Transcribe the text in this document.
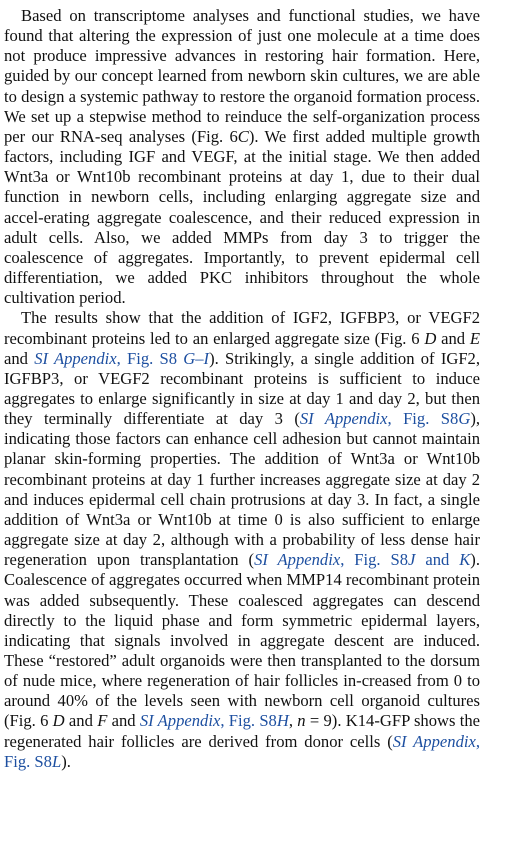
Based on transcriptome analyses and functional studies, we have found that altering the expression of just one molecule at a time does not produce impressive advances in restoring hair formation. Here, guided by our concept learned from newborn skin cultures, we are able to design a systemic pathway to restore the organoid formation process. We set up a stepwise method to reinduce the self-organization process per our RNA-seq analyses (Fig. 6C). We first added multiple growth factors, including IGF and VEGF, at the initial stage. We then added Wnt3a or Wnt10b recombinant proteins at day 1, due to their dual function in newborn cells, including enlarging aggregate size and accel-erating aggregate coalescence, and their reduced expression in adult cells. Also, we added MMPs from day 3 to trigger the coalescence of aggregates. Importantly, to prevent epidermal cell differentiation, we added PKC inhibitors throughout the whole cultivation period.

The results show that the addition of IGF2, IGFBP3, or VEGF2 recombinant proteins led to an enlarged aggregate size (Fig. 6 D and E and SI Appendix, Fig. S8 G–I). Strikingly, a single addition of IGF2, IGFBP3, or VEGF2 recombinant proteins is sufficient to induce aggregates to enlarge significantly in size at day 1 and day 2, but then they terminally differentiate at day 3 (SI Appendix, Fig. S8G), indicating those factors can enhance cell adhesion but cannot maintain planar skin-forming properties. The addition of Wnt3a or Wnt10b recombinant proteins at day 1 further increases aggregate size at day 2 and induces epidermal cell chain protrusions at day 3. In fact, a single addition of Wnt3a or Wnt10b at time 0 is also sufficient to enlarge aggregate size at day 2, although with a probability of less dense hair regeneration upon transplantation (SI Appendix, Fig. S8J and K). Coalescence of aggregates occurred when MMP14 recombinant protein was added subsequently. These coalesced aggregates can descend directly to the liquid phase and form symmetric epidermal layers, indicating that signals involved in aggregate descent are induced. These “restored” adult organoids were then transplanted to the dorsum of nude mice, where regeneration of hair follicles in-creased from 0 to around 40% of the levels seen with newborn cell organoid cultures (Fig. 6 D and F and SI Appendix, Fig. S8H, n = 9). K14-GFP shows the regenerated hair follicles are derived from donor cells (SI Appendix, Fig. S8L).
